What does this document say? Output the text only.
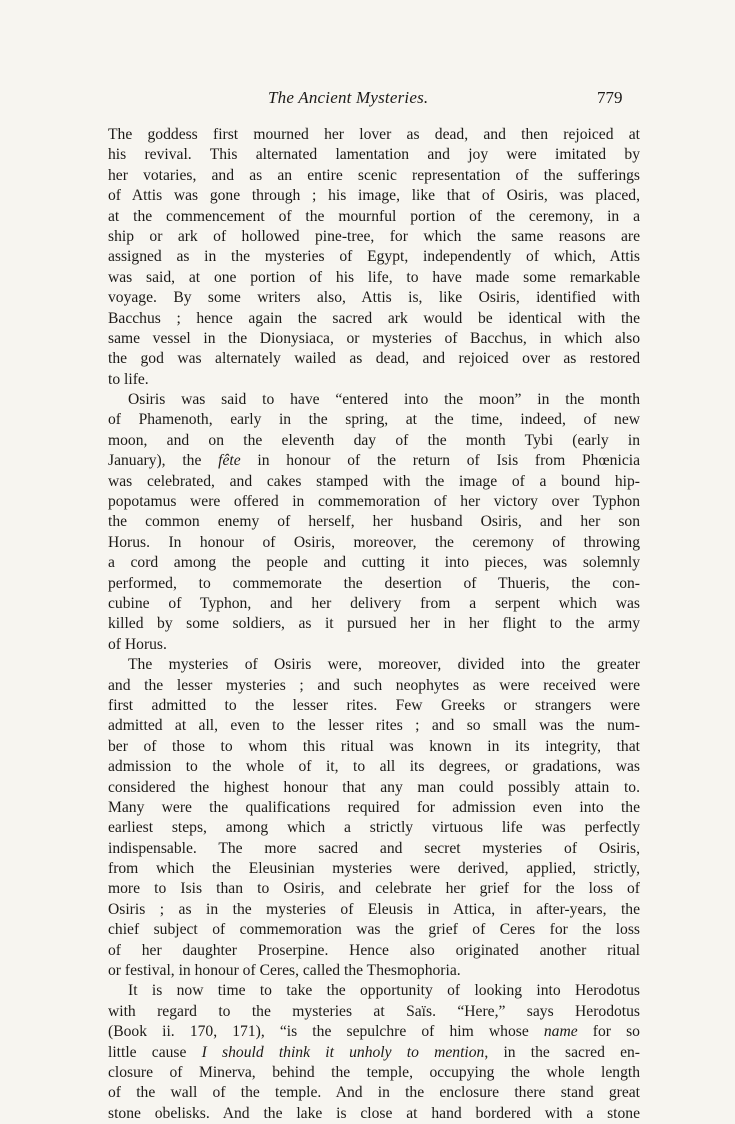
The Ancient Mysteries.	779
The goddess first mourned her lover as dead, and then rejoiced at
his revival. This alternated lamentation and joy were imitated by
her votaries, and as an entire scenic representation of the sufferings
of Attis was gone through ; his image, like that of Osiris, was placed,
at the commencement of the mournful portion of the ceremony, in a
ship or ark of hollowed pine-tree, for which the same reasons are
assigned as in the mysteries of Egypt, independently of which, Attis
was said, at one portion of his life, to have made some remarkable
voyage. By some writers also, Attis is, like Osiris, identified with
Bacchus ; hence again the sacred ark would be identical with the
same vessel in the Dionysiaca, or mysteries of Bacchus, in which also
the god was alternately wailed as dead, and rejoiced over as restored
to life.
Osiris was said to have “entered into the moon” in the month
of Phamenoth, early in the spring, at the time, indeed, of new
moon, and on the eleventh day of the month Tybi (early in
January), the fête in honour of the return of Isis from Phœnicia
was celebrated, and cakes stamped with the image of a bound hip-
popotamus were offered in commemoration of her victory over Typhon
the common enemy of herself, her husband Osiris, and her son
Horus. In honour of Osiris, moreover, the ceremony of throwing
a cord among the people and cutting it into pieces, was solemnly
performed, to commemorate the desertion of Thueris, the con-
cubine of Typhon, and her delivery from a serpent which was
killed by some soldiers, as it pursued her in her flight to the army
of Horus.
The mysteries of Osiris were, moreover, divided into the greater
and the lesser mysteries ; and such neophytes as were received were
first admitted to the lesser rites. Few Greeks or strangers were
admitted at all, even to the lesser rites ; and so small was the num-
ber of those to whom this ritual was known in its integrity, that
admission to the whole of it, to all its degrees, or gradations, was
considered the highest honour that any man could possibly attain to.
Many were the qualifications required for admission even into the
earliest steps, among which a strictly virtuous life was perfectly
indispensable. The more sacred and secret mysteries of Osiris,
from which the Eleusinian mysteries were derived, applied, strictly,
more to Isis than to Osiris, and celebrate her grief for the loss of
Osiris ; as in the mysteries of Eleusis in Attica, in after-years, the
chief subject of commemoration was the grief of Ceres for the loss
of her daughter Proserpine. Hence also originated another ritual
or festival, in honour of Ceres, called the Thesmophoria.
It is now time to take the opportunity of looking into Herodotus
with regard to the mysteries at Saïs. “Here,” says Herodotus
(Book ii. 170, 171), “is the sepulchre of him whose name for so
little cause I should think it unholy to mention, in the sacred en-
closure of Minerva, behind the temple, occupying the whole length
of the wall of the temple. And in the enclosure there stand great
stone obelisks. And the lake is close at hand bordered with a stone
